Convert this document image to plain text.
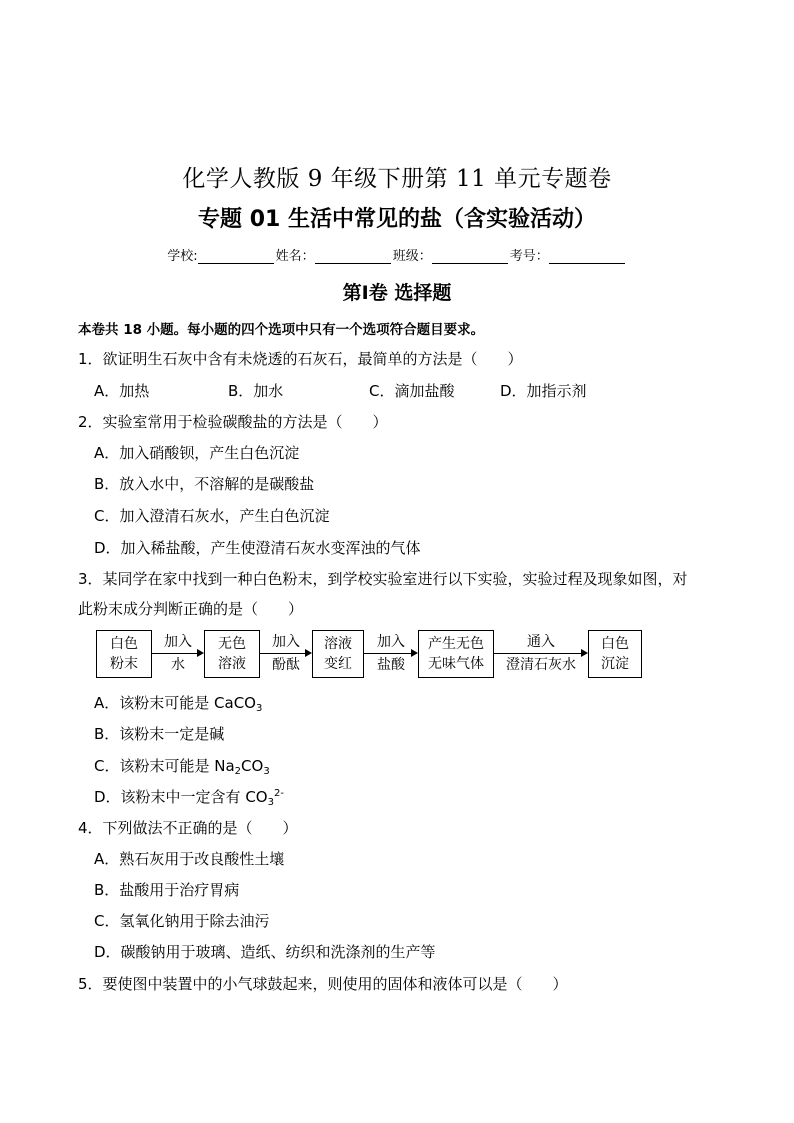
化学人教版 9 年级下册第 11 单元专题卷
专题 01 生活中常见的盐（含实验活动）
学校:	姓名：	班级：	考号：
第Ⅰ卷 选择题
本卷共 18 小题。每小题的四个选项中只有一个选项符合题目要求。
1．欲证明生石灰中含有未烧透的石灰石，最简单的方法是（　　）
A．加热	B．加水	C．滴加盐酸	D．加指示剂
2．实验室常用于检验碳酸盐的方法是（　　）
A．加入硝酸钡，产生白色沉淀
B．放入水中，不溶解的是碳酸盐
C．加入澄清石灰水，产生白色沉淀
D．加入稀盐酸，产生使澄清石灰水变浑浊的气体
3．某同学在家中找到一种白色粉末，到学校实验室进行以下实验，实验过程及现象如图，对
此粉末成分判断正确的是（　　）
白色
粉末
加入
水
无色
溶液
加入
酚酞
溶液
变红
加入
盐酸
产生无色
无味气体
通入
澄清石灰水
白色
沉淀
A．该粉末可能是 CaCO$_3$
B．该粉末一定是碱
C．该粉末可能是 $Na_2CO_3$
D．该粉末中一定含有 $CO_3^{2-}$
4．下列做法不正确的是（　　）
A．熟石灰用于改良酸性土壤
B．盐酸用于治疗胃病
C．氢氧化钠用于除去油污
D．碳酸钠用于玻璃、造纸、纺织和洗涤剂的生产等
5．要使图中装置中的小气球鼓起来，则使用的固体和液体可以是（　　）
